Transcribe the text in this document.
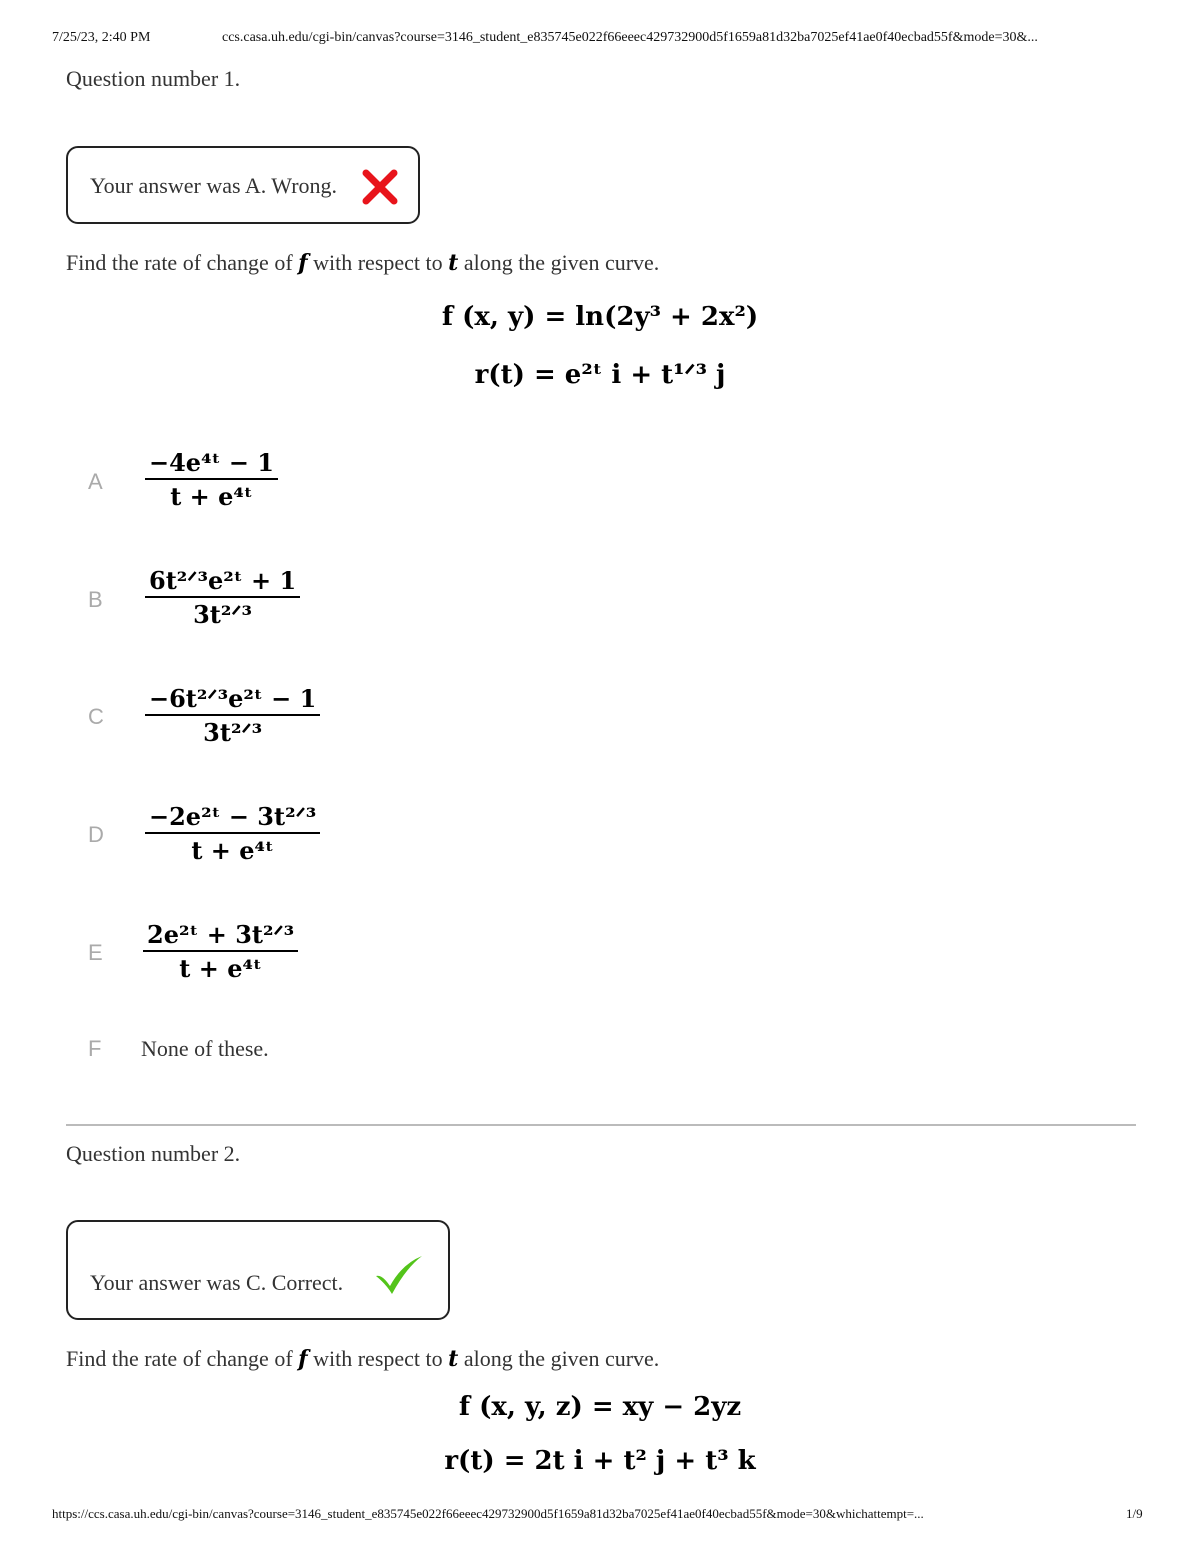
7/25/23, 2:40 PM	ccs.casa.uh.edu/cgi-bin/canvas?course=3146_student_e835745e022f66eeec429732900d5f1659a81d32ba7025ef41ae0f40ecbad55f&mode=30&...
Question number 1.
Your answer was A. Wrong.
Find the rate of change of f with respect to t along the given curve.
f (x, y) = ln(2y³ + 2x²)
r(t) = e²ᵗ i + t¹ᐟ³ j
A $\frac{\text{−4e⁴ᵗ − 1}}{\text{t + e⁴ᵗ}}$
B
6t²ᐟ³e²ᵗ + 1
3t²ᐟ³
C
−6t²ᐟ³e²ᵗ − 1
3t²ᐟ³
D
−2e²ᵗ − 3t²ᐟ³
t + e⁴ᵗ
E
2e²ᵗ + 3t²ᐟ³
t + e⁴ᵗ
F None of these.
Question number 2.
Your answer was C. Correct.
Find the rate of change of f with respect to t along the given curve.
f (x, y, z) = xy − 2yz
r(t) = 2t i + t² j + t³ k
https://ccs.casa.uh.edu/cgi-bin/canvas?course=3146_student_e835745e022f66eeec429732900d5f1659a81d32ba7025ef41ae0f40ecbad55f&mode=30&whichattempt=...	1/9
